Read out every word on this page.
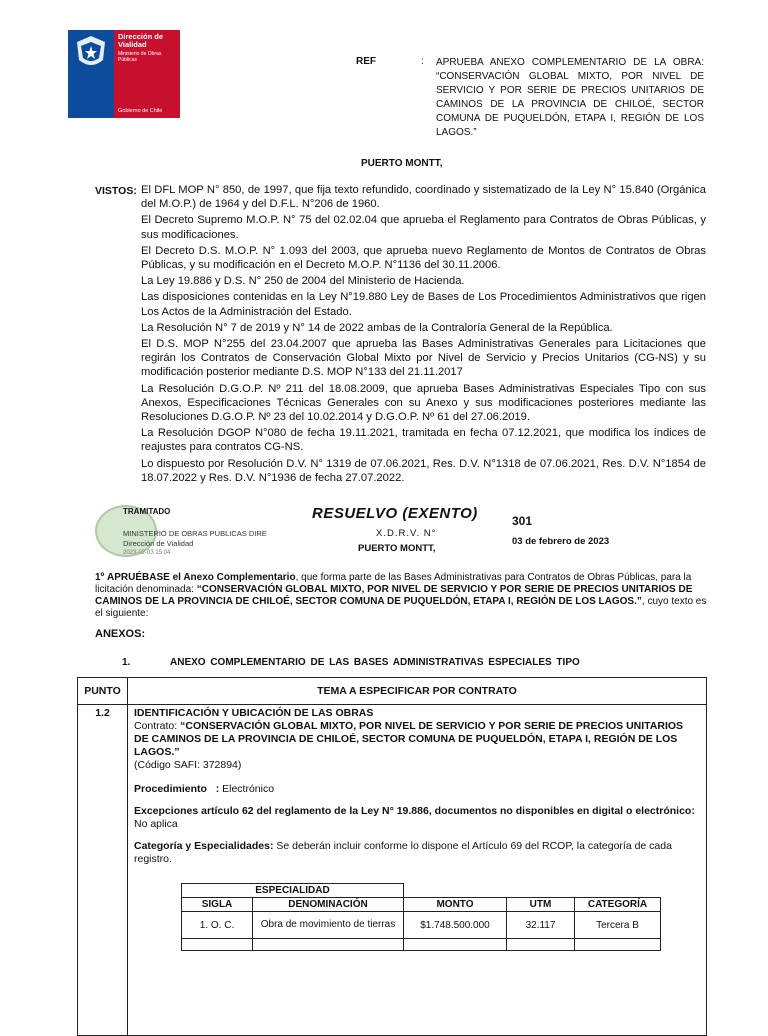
Dirección de
Vialidad
Ministerio de Obras Públicas
Gobierno de Chile
REF	: APRUEBA ANEXO COMPLEMENTARIO DE LA OBRA: “CONSERVACIÓN GLOBAL MIXTO, POR NIVEL DE SERVICIO Y POR SERIE DE PRECIOS UNITARIOS DE CAMINOS DE LA PROVINCIA DE CHILOÉ, SECTOR COMUNA DE PUQUELDÓN, ETAPA I, REGIÓN DE LOS LAGOS.”
PUERTO MONTT,
VISTOS: El DFL MOP N° 850, de 1997, que fija texto refundido, coordinado y sistematizado de la Ley N° 15.840 (Orgánica del M.O.P.) de 1964 y del D.F.L. N°206 de 1960.

El Decreto Supremo M.O.P. N° 75 del 02.02.04 que aprueba el Reglamento para Contratos de Obras Públicas, y sus modificaciones.

El Decreto D.S. M.O.P. N° 1.093 del 2003, que aprueba nuevo Reglamento de Montos de Contratos de Obras Públicas, y su modificación en el Decreto M.O.P. N°1136 del 30.11.2006.

La Ley 19.886 y D.S. N° 250 de 2004 del Ministerio de Hacienda.

Las disposiciones contenidas en la Ley N°19.880 Ley de Bases de Los Procedimientos Administrativos que rigen Los Actos de la Administración del Estado.

La Resolución N° 7 de 2019 y N° 14 de 2022 ambas de la Contraloría General de la República.

El D.S. MOP N°255 del 23.04.2007 que aprueba las Bases Administrativas Generales para Licitaciones que regirán los Contratos de Conservación Global Mixto por Nivel de Servicio y Precios Unitarios (CG-NS) y su modificación posterior mediante D.S. MOP N°133 del 21.11.2017

La Resolución D.G.O.P. Nº 211 del 18.08.2009, que aprueba Bases Administrativas Especiales Tipo con sus Anexos, Especificaciones Técnicas Generales con su Anexo y sus modificaciones posteriores mediante las Resoluciones D.G.O.P. Nº 23 del 10.02.2014 y D.G.O.P. Nº 61 del 27.06.2019.

La Resolución DGOP N°080 de fecha 19.11.2021, tramitada en fecha 07.12.2021, que modifica los índices de reajustes para contratos CG-NS.

Lo dispuesto por Resolución D.V. N° 1319 de 07.06.2021, Res. D.V. N°1318 de 07.06.2021, Res. D.V. N°1854 de 18.07.2022 y Res. D.V. N°1936 de fecha 27.07.2022.

TRAMITADO
MINISTERIO DE OBRAS PUBLICAS DIRE
Dirección de Vialidad
2023-02-03 15:04
RESUELVO (EXENTO)	301
X.D.R.V. N°
PUERTO MONTT,
03 de febrero de 2023
1º APRUÉBASE el Anexo Complementario, que forma parte de las Bases Administrativas para Contratos de Obras Públicas, para la licitación denominada: “CONSERVACIÓN GLOBAL MIXTO, POR NIVEL DE SERVICIO Y POR SERIE DE PRECIOS UNITARIOS DE CAMINOS DE LA PROVINCIA DE CHILOÉ, SECTOR COMUNA DE PUQUELDÓN, ETAPA I, REGIÓN DE LOS LAGOS.”, cuyo texto es el siguiente:
ANEXOS:
1.	ANEXO COMPLEMENTARIO DE LAS BASES ADMINISTRATIVAS ESPECIALES TIPO
PUNTO	TEMA A ESPECIFICAR POR CONTRATO
1.2	IDENTIFICACIÓN Y UBICACIÓN DE LAS OBRAS
Contrato: “CONSERVACIÓN GLOBAL MIXTO, POR NIVEL DE SERVICIO Y POR SERIE DE PRECIOS UNITARIOS DE CAMINOS DE LA PROVINCIA DE CHILOÉ, SECTOR COMUNA DE PUQUELDÓN, ETAPA I, REGIÓN DE LOS LAGOS.”
(Código SAFI: 372894)

Procedimiento : Electrónico

Excepciones artículo 62 del reglamento de la Ley N° 19.886, documentos no disponibles en digital o electrónico:
No aplica

Categoría y Especialidades: Se deberán incluir conforme lo dispone el Artículo 69 del RCOP, la categoría de cada registro.

ESPECIALIDAD	
SIGLA	DENOMINACIÓN	MONTO	UTM	CATEGORÍA
1. O. C.	Obra de movimiento de tierras	$1.748.500.000	32.117	Tercera B
